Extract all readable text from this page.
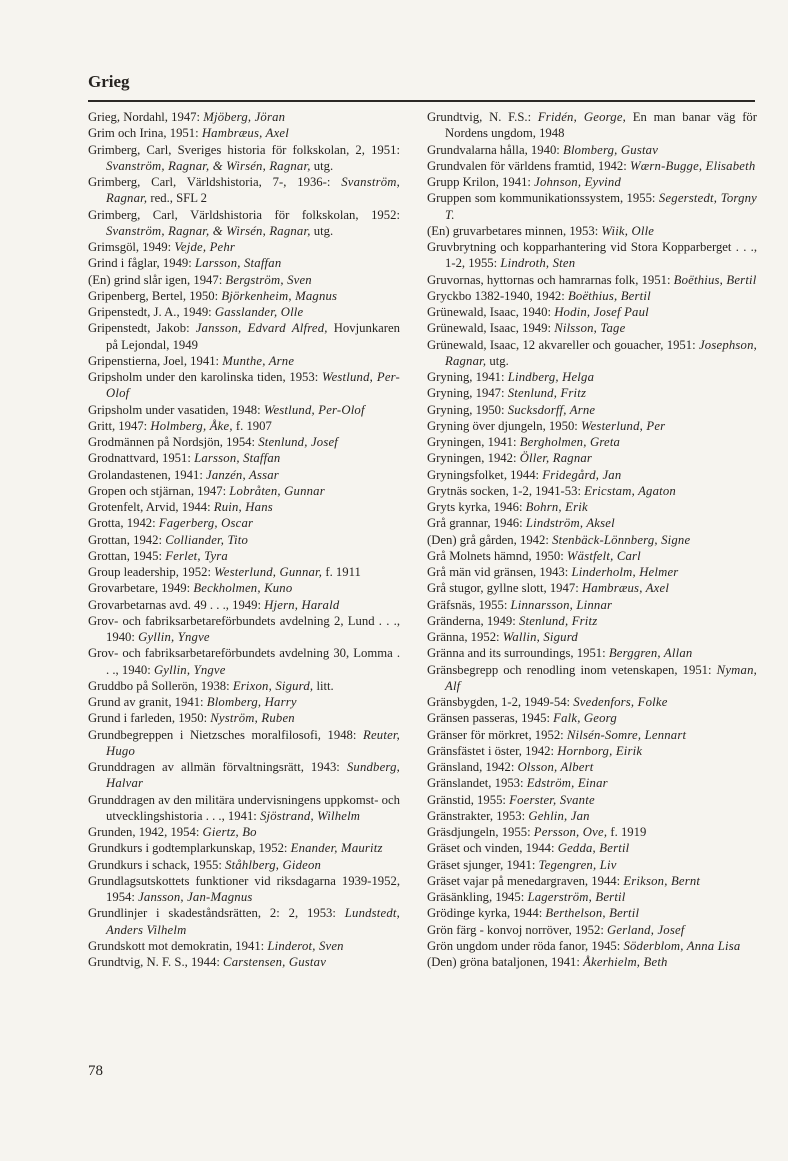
Grieg
Grieg, Nordahl, 1947: Mjöberg, Jöran
Grim och Irina, 1951: Hambræus, Axel
Grimberg, Carl, Sveriges historia för folkskolan, 2, 1951: Svanström, Ragnar, & Wirsén, Ragnar, utg.
Grimberg, Carl, Världshistoria, 7-, 1936-: Svanström, Ragnar, red., SFL 2
Grimberg, Carl, Världshistoria för folkskolan, 1952: Svanström, Ragnar, & Wirsén, Ragnar, utg.
Grimsgöl, 1949: Vejde, Pehr
Grind i fåglar, 1949: Larsson, Staffan
(En) grind slår igen, 1947: Bergström, Sven
Gripenberg, Bertel, 1950: Björkenheim, Magnus
Gripenstedt, J. A., 1949: Gasslander, Olle
Gripenstedt, Jakob: Jansson, Edvard Alfred, Hovjunkaren på Lejondal, 1949
Gripenstierna, Joel, 1941: Munthe, Arne
Gripsholm under den karolinska tiden, 1953: Westlund, Per-Olof
Gripsholm under vasatiden, 1948: Westlund, Per-Olof
Gritt, 1947: Holmberg, Åke, f. 1907
Grodmännen på Nordsjön, 1954: Stenlund, Josef
Grodnattvard, 1951: Larsson, Staffan
Grolandastenen, 1941: Janzén, Assar
Gropen och stjärnan, 1947: Lobråten, Gunnar
Grotenfelt, Arvid, 1944: Ruin, Hans
Grotta, 1942: Fagerberg, Oscar
Grottan, 1942: Colliander, Tito
Grottan, 1945: Ferlet, Tyra
Group leadership, 1952: Westerlund, Gunnar, f. 1911
Grovarbetare, 1949: Beckholmen, Kuno
Grovarbetarnas avd. 49 . . ., 1949: Hjern, Harald
Grov- och fabriksarbetareförbundets avdelning 2, Lund . . ., 1940: Gyllin, Yngve
Grov- och fabriksarbetareförbundets avdelning 30, Lomma . . ., 1940: Gyllin, Yngve
Gruddbo på Sollerön, 1938: Erixon, Sigurd, litt.
Grund av granit, 1941: Blomberg, Harry
Grund i farleden, 1950: Nyström, Ruben
Grundbegreppen i Nietzsches moralfilosofi, 1948: Reuter, Hugo
Grunddragen av allmän förvaltningsrätt, 1943: Sundberg, Halvar
Grunddragen av den militära undervisningens uppkomst- och utvecklingshistoria . . ., 1941: Sjöstrand, Wilhelm
Grunden, 1942, 1954: Giertz, Bo
Grundkurs i godtemplarkunskap, 1952: Enander, Mauritz
Grundkurs i schack, 1955: Ståhlberg, Gideon
Grundlagsutskottets funktioner vid riksdagarna 1939-1952, 1954: Jansson, Jan-Magnus
Grundlinjer i skadeståndsrätten, 2: 2, 1953: Lundstedt, Anders Vilhelm
Grundskott mot demokratin, 1941: Linderot, Sven
Grundtvig, N. F. S., 1944: Carstensen, Gustav
Grundtvig, N. F.S.: Fridén, George, En man banar väg för Nordens ungdom, 1948
Grundvalarna hålla, 1940: Blomberg, Gustav
Grundvalen för världens framtid, 1942: Wærn-Bugge, Elisabeth
Grupp Krilon, 1941: Johnson, Eyvind
Gruppen som kommunikationssystem, 1955: Segerstedt, Torgny T.
(En) gruvarbetares minnen, 1953: Wiik, Olle
Gruvbrytning och kopparhantering vid Stora Kopparberget . . ., 1-2, 1955: Lindroth, Sten
Gruvornas, hyttornas och hamrarnas folk, 1951: Boëthius, Bertil
Gryckbo 1382-1940, 1942: Boëthius, Bertil
Grünewald, Isaac, 1940: Hodin, Josef Paul
Grünewald, Isaac, 1949: Nilsson, Tage
Grünewald, Isaac, 12 akvareller och gouacher, 1951: Josephson, Ragnar, utg.
Gryning, 1941: Lindberg, Helga
Gryning, 1947: Stenlund, Fritz
Gryning, 1950: Sucksdorff, Arne
Gryning över djungeln, 1950: Westerlund, Per
Gryningen, 1941: Bergholmen, Greta
Gryningen, 1942: Öller, Ragnar
Gryningsfolket, 1944: Fridegård, Jan
Grytnäs socken, 1-2, 1941-53: Ericstam, Agaton
Gryts kyrka, 1946: Bohrn, Erik
Grå grannar, 1946: Lindström, Aksel
(Den) grå gården, 1942: Stenbäck-Lönnberg, Signe
Grå Molnets hämnd, 1950: Wästfelt, Carl
Grå män vid gränsen, 1943: Linderholm, Helmer
Grå stugor, gyllne slott, 1947: Hambræus, Axel
Gräfsnäs, 1955: Linnarsson, Linnar
Gränderna, 1949: Stenlund, Fritz
Gränna, 1952: Wallin, Sigurd
Gränna and its surroundings, 1951: Berggren, Allan
Gränsbegrepp och renodling inom vetenskapen, 1951: Nyman, Alf
Gränsbygden, 1-2, 1949-54: Svedenfors, Folke
Gränsen passeras, 1945: Falk, Georg
Gränser för mörkret, 1952: Nilsén-Somre, Lennart
Gränsfästet i öster, 1942: Hornborg, Eirik
Gränsland, 1942: Olsson, Albert
Gränslandet, 1953: Edström, Einar
Gränstid, 1955: Foerster, Svante
Gränstrakter, 1953: Gehlin, Jan
Gräsdjungeln, 1955: Persson, Ove, f. 1919
Gräset och vinden, 1944: Gedda, Bertil
Gräset sjunger, 1941: Tegengren, Liv
Gräset vajar på menedargraven, 1944: Erikson, Bernt
Gräsänkling, 1945: Lagerström, Bertil
Grödinge kyrka, 1944: Berthelson, Bertil
Grön färg - konvoj norröver, 1952: Gerland, Josef
Grön ungdom under röda fanor, 1945: Söderblom, Anna Lisa
(Den) gröna bataljonen, 1941: Åkerhielm, Beth
78
